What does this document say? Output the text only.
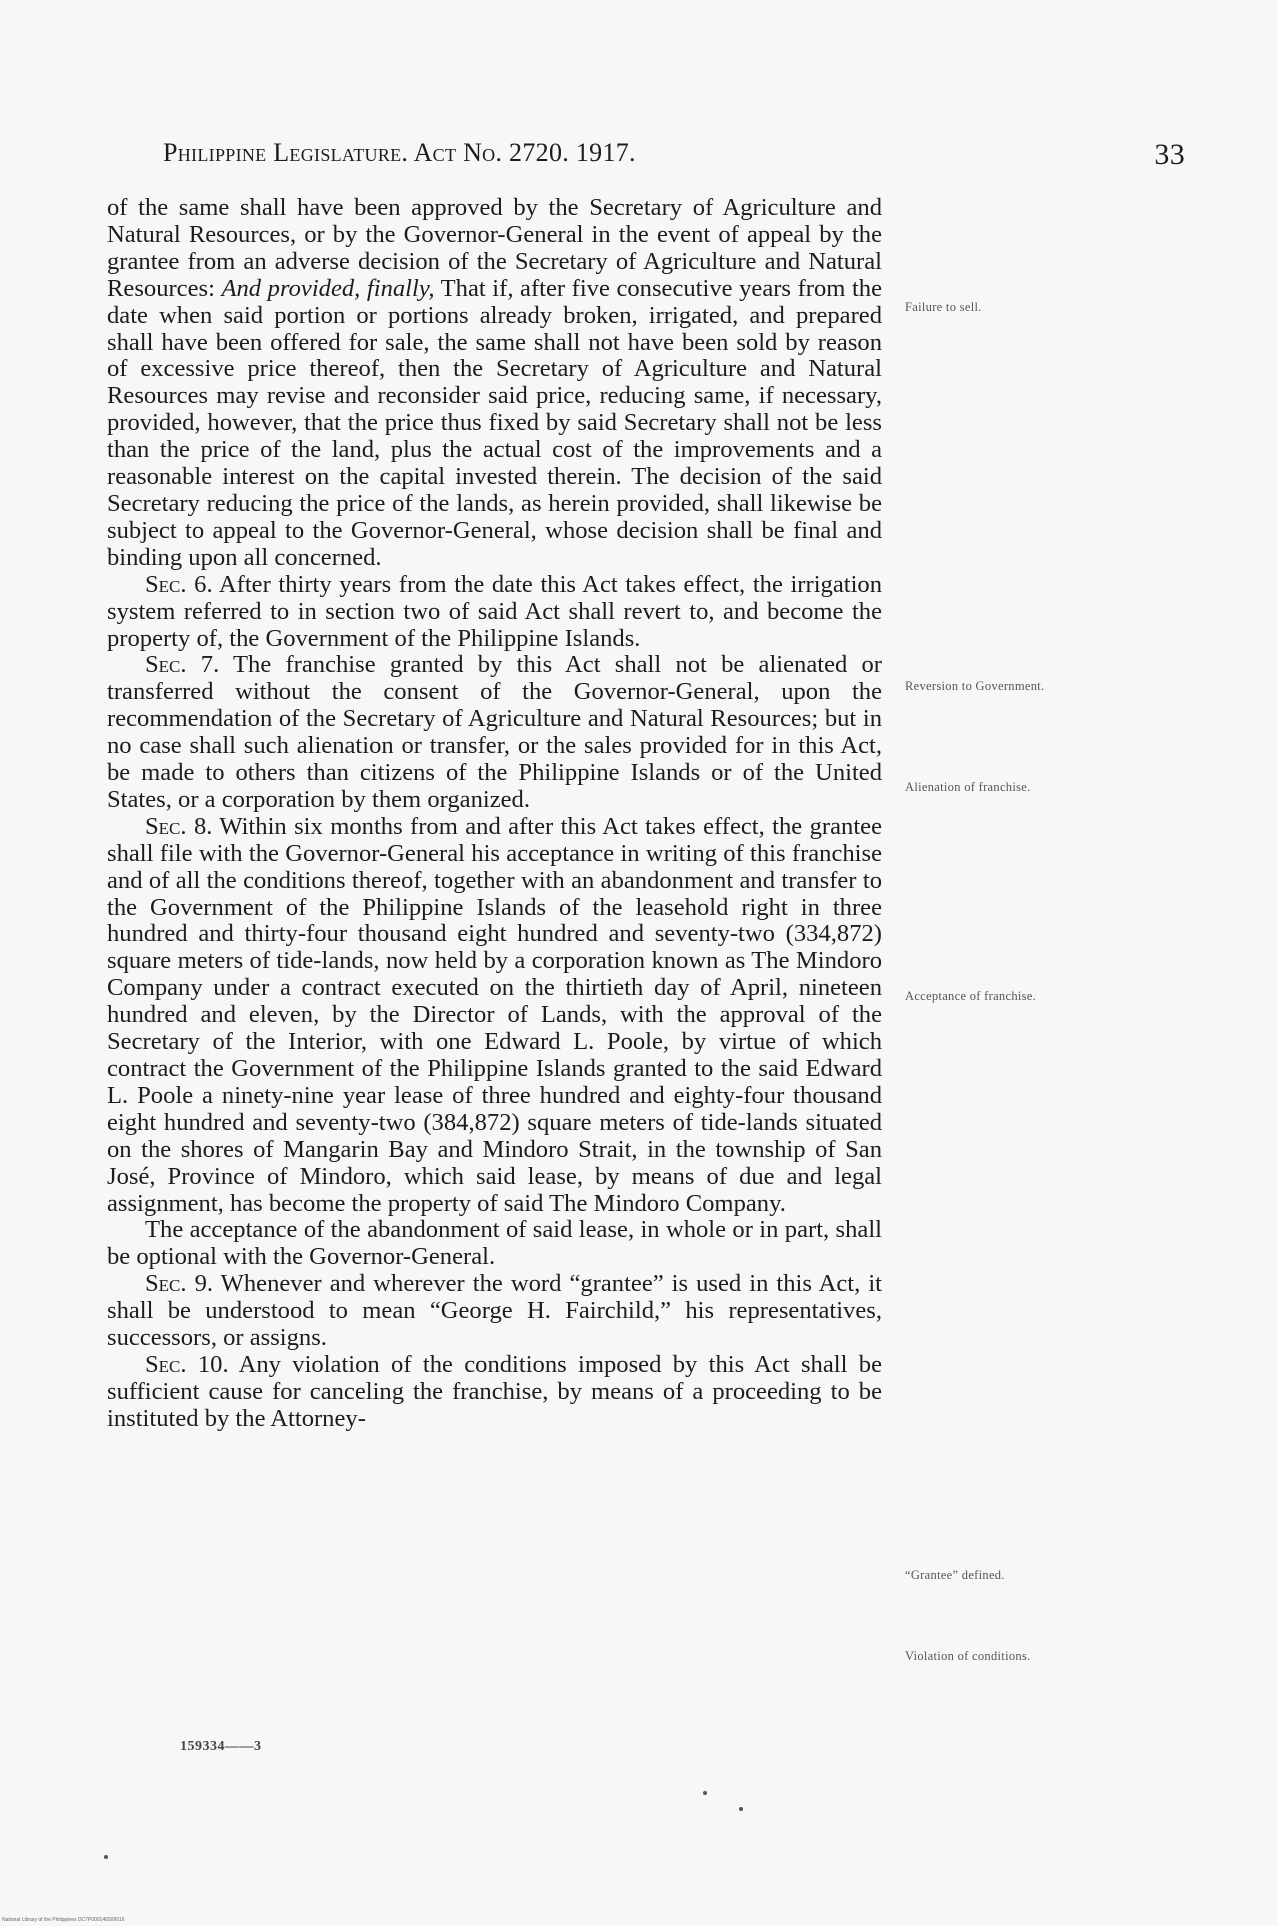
Philippine Legislature. Act No. 2720. 1917.	33

of the same shall have been approved by the Secretary of Agriculture and Natural Resources, or by the Governor-General in the event of appeal by the grantee from an adverse decision of the Secretary of Agriculture and Natural Resources: And provided, finally, That if, after five consecutive years from the date when said portion or portions already broken, irrigated, and prepared shall have been offered for sale, the same shall not have been sold by reason of excessive price thereof, then the Secretary of Agriculture and Natural Resources may revise and reconsider said price, reducing same, if necessary, provided, however, that the price thus fixed by said Secretary shall not be less than the price of the land, plus the actual cost of the improvements and a reasonable interest on the capital invested therein. The decision of the said Secretary reducing the price of the lands, as herein provided, shall likewise be subject to appeal to the Governor-General, whose decision shall be final and binding upon all concerned.

Sec. 6. After thirty years from the date this Act takes effect, the irrigation system referred to in section two of said Act shall revert to, and become the property of, the Government of the Philippine Islands.

Sec. 7. The franchise granted by this Act shall not be alienated or transferred without the consent of the Governor-General, upon the recommendation of the Secretary of Agriculture and Natural Resources; but in no case shall such alienation or transfer, or the sales provided for in this Act, be made to others than citizens of the Philippine Islands or of the United States, or a corporation by them organized.

Sec. 8. Within six months from and after this Act takes effect, the grantee shall file with the Governor-General his acceptance in writing of this franchise and of all the conditions thereof, together with an abandonment and transfer to the Government of the Philippine Islands of the leasehold right in three hundred and thirty-four thousand eight hundred and seventy-two (334,872) square meters of tide-lands, now held by a corporation known as The Mindoro Company under a contract executed on the thirtieth day of April, nineteen hundred and eleven, by the Director of Lands, with the approval of the Secretary of the Interior, with one Edward L. Poole, by virtue of which contract the Government of the Philippine Islands granted to the said Edward L. Poole a ninety-nine year lease of three hundred and eighty-four thousand eight hundred and seventy-two (384,872) square meters of tide-lands situated on the shores of Mangarin Bay and Mindoro Strait, in the township of San José, Province of Mindoro, which said lease, by means of due and legal assignment, has become the property of said The Mindoro Company.

The acceptance of the abandonment of said lease, in whole or in part, shall be optional with the Governor-General.

Sec. 9. Whenever and wherever the word “grantee” is used in this Act, it shall be understood to mean “George H. Fairchild,” his representatives, successors, or assigns.

Sec. 10. Any violation of the conditions imposed by this Act shall be sufficient cause for canceling the franchise, by means of a proceeding to be instituted by the Attorney-

Failure to sell.
Reversion to Government.
Alienation of franchise.
Acceptance of franchise.
“Grantee” defined.
Violation of conditions.
159334——3
National Library of the Philippines DC7P000146509016
